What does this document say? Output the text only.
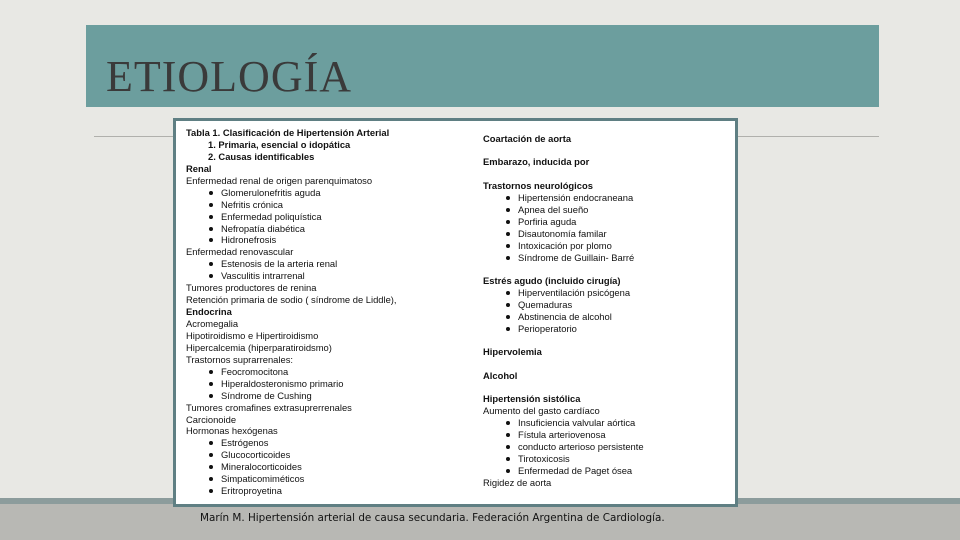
ETIOLOGÍA
Tabla 1. Clasificación de Hipertensión Arterial
1. Primaria, esencial o idopática
2. Causas identificables
Renal
Enfermedad renal de origen parenquimatoso
Glomerulonefritis aguda
Nefritis crónica
Enfermedad poliquística
Nefropatía diabética
Hidronefrosis
Enfermedad renovascular
Estenosis de la arteria renal
Vasculitis intrarrenal
Tumores productores de renina
Retención primaria de sodio ( síndrome de Liddle),
Endocrina
Acromegalia
Hipotiroidismo e Hipertiroidismo
Hipercalcemia (hiperparatiroidsmo)
Trastornos suprarrenales:
Feocromocitona
Hiperaldosteronismo primario
Síndrome de Cushing
Tumores cromafines extrasuprerrenales
Carcionoide
Hormonas hexógenas
Estrógenos
Glucocorticoides
Mineralocorticoides
Simpaticomiméticos
Eritroproyetina
Coartación de aorta
Embarazo, inducida por
Trastornos neurológicos
Hipertensión endocraneana
Apnea del sueño
Porfiria aguda
Disautonomía familar
Intoxicación por plomo
Síndrome de Guillain- Barré
Estrés agudo (incluido cirugía)
Hiperventilación psicógena
Quemaduras
Abstinencia de alcohol
Perioperatorio
Hipervolemia
Alcohol
Hipertensión sistólica
Aumento del gasto cardíaco
Insuficiencia valvular aórtica
Fístula arteriovenosa
conducto arterioso persistente
Tirotoxicosis
Enfermedad de Paget ósea
Rigidez de aorta
Marín M. Hipertensión arterial de causa secundaria. Federación Argentina de Cardiología.
